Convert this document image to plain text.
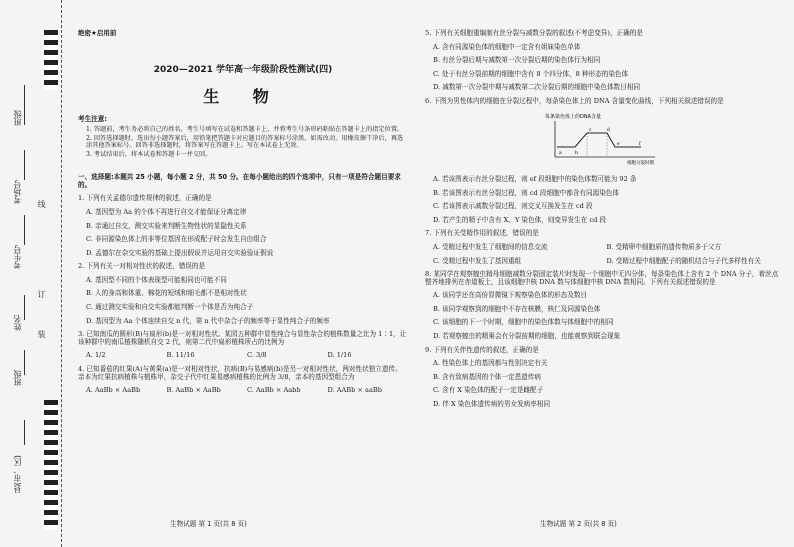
班级
考场号 线
考生号
订
姓名
装
班级
县(市、区)
绝密★启用前
2020—2021 学年高一年级阶段性测试(四)
生 物
考生注意:
1. 答题前，考生务必将自己的姓名、考生号填写在试卷和答题卡上，并将考生号条形码粘贴在答题卡上的指定位置。
2. 回答选择题时，选出每小题答案后，用铅笔把答题卡对应题目的答案标号涂黑。如需改动，用橡皮擦干净后，再选涂其他答案标号。回答非选择题时，将答案写在答题卡上。写在本试卷上无效。
3. 考试结束后，将本试卷和答题卡一并交回。
一、选择题:本题共 25 小题，每小题 2 分，共 50 分。在每小题给出的四个选项中，只有一项是符合题目要求的。
1. 下列有关孟德尔遗传规律的叙述，正确的是
A. 基因型为 Aa 的个体不再进行自交才能保证分离定律
B. 亲通过自交，测交实验来判断生物性状的显隐性关系
C. 非同源染色体上的非等位基因在形成配子时会发生自由组合
D. 孟德尔在杂交实验的基础上提出假说并运用自交实验验证假说
2. 下列有关一对相对性状的叙述，错误的是
A. 基因型不同的个体表现型可能相同也可能不同
B. 人的身高和体重、棉花的短绒和细毛都不是相对性状
C. 通过测交实验和自交实验都能判断一个体是否为纯合子
D. 基因型为 Aa 个体连续自交 n 代，第 n 代中杂合子的频率等于显性纯合子的频率
3. 已知南瓜的圆形(B)与扁形(b)是一对相对性状。某园五种群中显性纯合与显性杂合的植株数量之比为 1∶1，让该种群中的南瓜植株随机自交 2 代，则第二代中扁形植株所占的比例为
A. 1/2	B. 11/16	C. 3/8	D. 1/16
4. 已知番茄的红果(A)与黄果(a)是一对相对性状，抗病(B)与易感病(b)是另一对相对性状，两对性状独立遗传。亲本为红果抗病植株与植株甲，杂交子代中红果易感病植株的比例为 3/8，亲本的基因型组合为
A. AaBb × AaBb	B. AaBb × AaBb	C. AaBb × Aabb	D. AABb × aaBb
生物试题 第 1 页(共 8 页)
5. 下列有关细胞重编制有丝分裂与减数分裂的叙述(不考虑变异)，正确的是
A. 含有同源染色体的细胞中一定含有姐妹染色单体
B. 有丝分裂后期与减数第一次分裂后期的染色体行为相同
C. 处于有丝分裂前期的细胞中含有 8 个四分体，8 种形态的染色体
D. 减数第一次分裂中期与减数第二次分裂后期的细胞中染色体数目相同
6. 下图为男性体内的细胞在分裂过程中，每条染色体上的 DNA 含量变化曲线，下列相关叙述错误的是
每条染色体上的DNA含量
a	b
c	d
e	f
细胞分裂时期
A. 若该图表示有丝分裂过程，则 ef 段细胞中的染色体数可能为 92 条
B. 若该图表示有丝分裂过程，则 cd 段细胞中都含有同源染色体
C. 若该图表示减数分裂过程，则交叉互换发生在 cd 段
D. 若产生的精子中含有 X、Y 染色体，则变异发生在 cd 段
7. 下列有关受精作用的叙述，错误的是
A. 受精过程中发生了细胞间的信息交流	B. 受精卵中细胞质的遗传物质多于父方
C. 受精过程中发生了基因重组	D. 受精过程中细胞配子的随机结合与子代多样性有关
8. 某同学在观察蝗虫精母细胞减数分裂固定装片时发现一个细胞中无四分体，每条染色体上含有 2 个 DNA 分子，着丝点整齐地排列在赤道板上，且该细胞中核 DNA 数与体细胞中核 DNA 数相同。下列有关叙述错误的是
A. 该同学还在高倍显微镜下观察染色体的形态及数目
B. 该同学观察到的细胞中不存在核膜，核仁及同源染色体
C. 该细胞的下一个时期，细胞中的染色体数与体细胞中的相同
D. 若观察蝗虫的精巢会有分裂前期的细胞，也能观察到联会现象
9. 下列有关伴性遗传的叙述，正确的是
A. 性染色体上的基因都与性别决定有关
B. 含有致病基因的个体一定患遗传病
C. 含有 X 染色体的配子一定是雌配子
D. 伴 X 染色体遗传病的男女发病率相同
生物试题 第 2 页(共 8 页)
